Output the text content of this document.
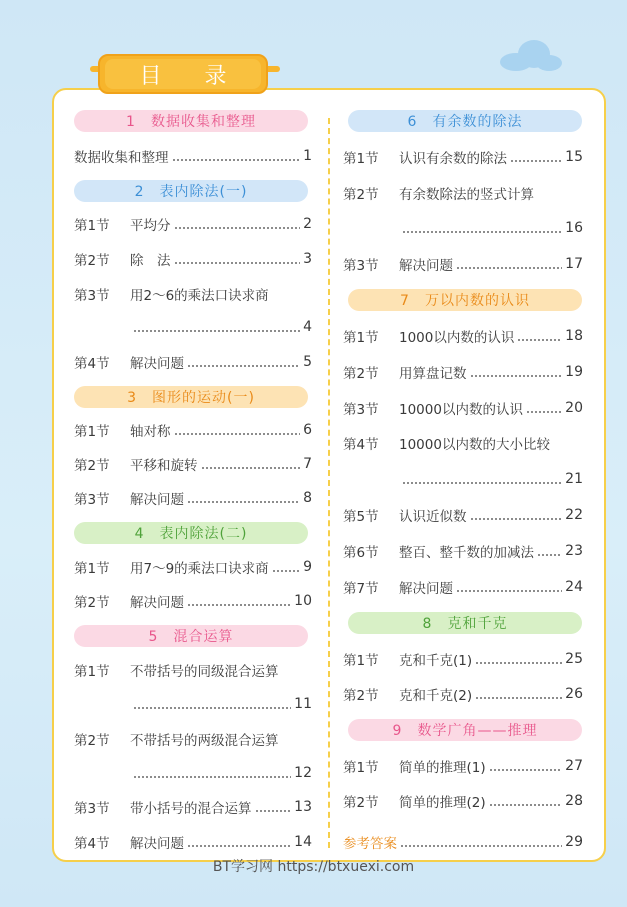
目 录
1　数据收集和整理
数据收集和整理	1
2　表内除法(一)
第1节	平均分	2
第2节	除　法	3
第3节	用2～6的乘法口诀求商
4
第4节	解决问题	5
3　图形的运动(一)
第1节	轴对称	6
第2节	平移和旋转	7
第3节	解决问题	8
4　表内除法(二)
第1节	用7～9的乘法口诀求商 9
第2节	解决问题	10
5　混合运算
第1节	不带括号的同级混合运算
11
第2节	不带括号的两级混合运算
12
第3节	带小括号的混合运算	13
第4节	解决问题	14
6　有余数的除法
第1节	认识有余数的除法	15
第2节	有余数除法的竖式计算
16
第3节	解决问题	17
7　万以内数的认识
第1节	1000以内数的认识	18
第2节	用算盘记数	19
第3节	10000以内数的认识	20
第4节	10000以内数的大小比较
21
第5节	认识近似数	22
第6节	整百、整千数的加减法 23
第7节	解决问题	24
8　克和千克
第1节	克和千克(1)	25
第2节	克和千克(2)	26
9　数学广角——推理
第1节	简单的推理(1)	27
第2节	简单的推理(2)	28
参考答案	29
BT学习网 https://btxuexi.com
